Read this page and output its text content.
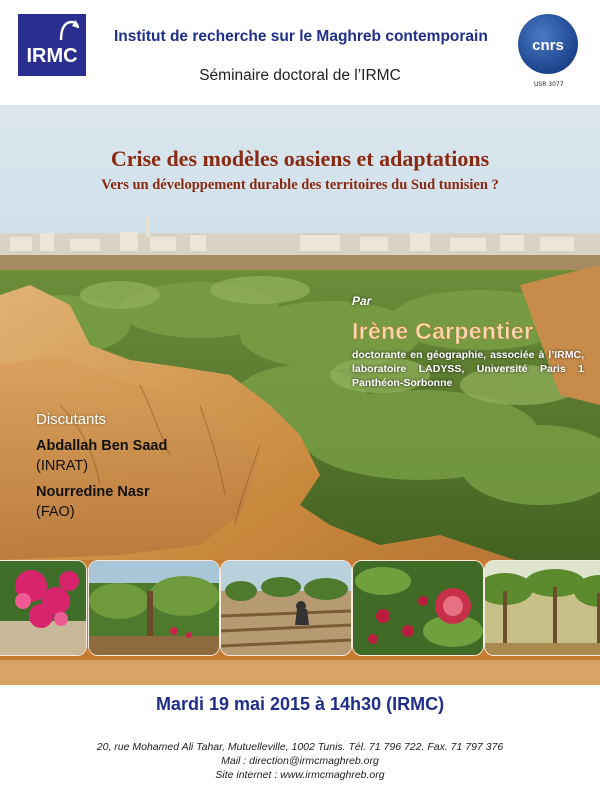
IRMC
Institut de recherche sur le Maghreb contemporain
cnrs
USR 3077
Séminaire doctoral de l’IRMC
Crise des modèles oasiens et adaptations
Vers un développement durable des territoires du Sud tunisien ?
Par
Irène Carpentier
doctorante en géographie, associée à l’IRMC, laboratoire LADYSS, Université Paris 1 Panthéon-Sorbonne
Discutants
Abdallah Ben Saad
(INRAT)
Nourredine Nasr
(FAO)
Mardi 19 mai 2015 à 14h30 (IRMC)
20, rue Mohamed Ali Tahar, Mutuelleville, 1002 Tunis. Tél. 71 796 722. Fax. 71 797 376
Mail : direction@irmcmaghreb.org
Site internet : www.irmcmaghreb.org
